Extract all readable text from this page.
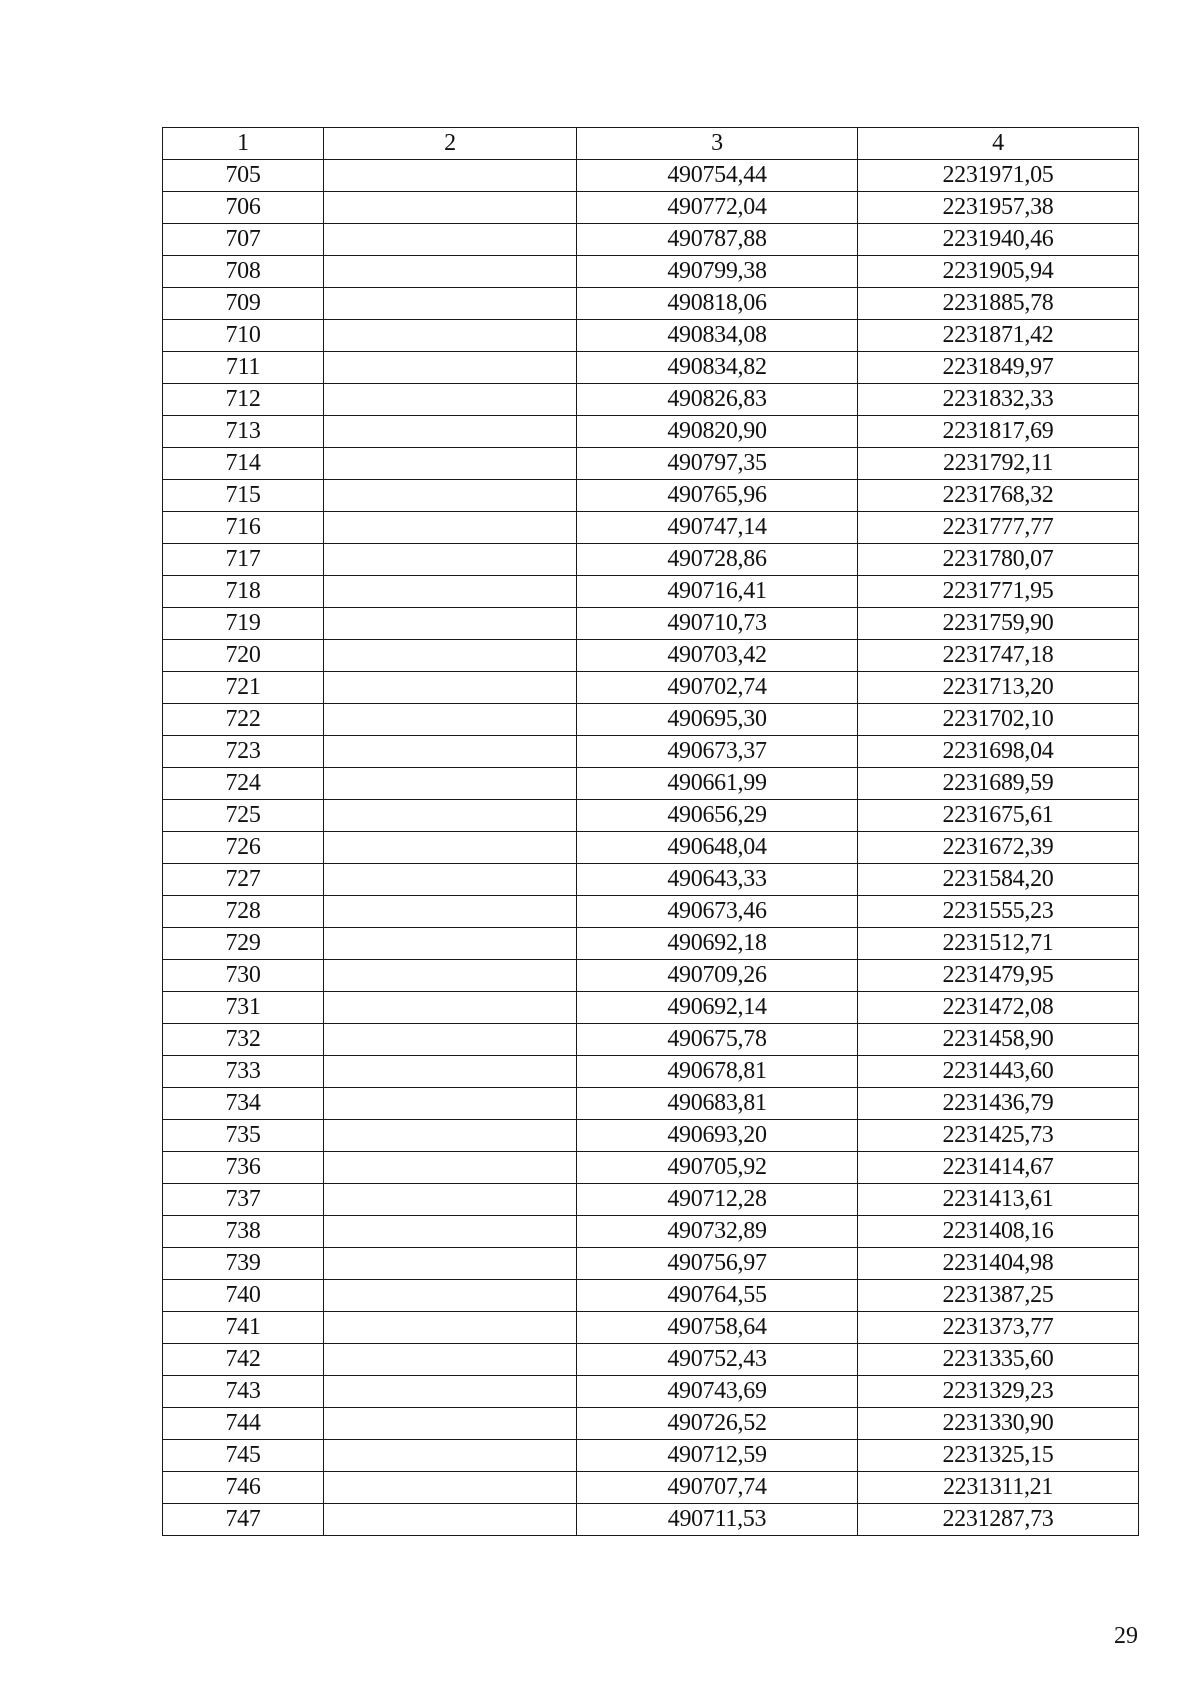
1	2	3	4
705		490754,44	2231971,05
706		490772,04	2231957,38
707		490787,88	2231940,46
708		490799,38	2231905,94
709		490818,06	2231885,78
710		490834,08	2231871,42
711		490834,82	2231849,97
712		490826,83	2231832,33
713		490820,90	2231817,69
714		490797,35	2231792,11
715		490765,96	2231768,32
716		490747,14	2231777,77
717		490728,86	2231780,07
718		490716,41	2231771,95
719		490710,73	2231759,90
720		490703,42	2231747,18
721		490702,74	2231713,20
722		490695,30	2231702,10
723		490673,37	2231698,04
724		490661,99	2231689,59
725		490656,29	2231675,61
726		490648,04	2231672,39
727		490643,33	2231584,20
728		490673,46	2231555,23
729		490692,18	2231512,71
730		490709,26	2231479,95
731		490692,14	2231472,08
732		490675,78	2231458,90
733		490678,81	2231443,60
734		490683,81	2231436,79
735		490693,20	2231425,73
736		490705,92	2231414,67
737		490712,28	2231413,61
738		490732,89	2231408,16
739		490756,97	2231404,98
740		490764,55	2231387,25
741		490758,64	2231373,77
742		490752,43	2231335,60
743		490743,69	2231329,23
744		490726,52	2231330,90
745		490712,59	2231325,15
746		490707,74	2231311,21
747		490711,53	2231287,73
29
